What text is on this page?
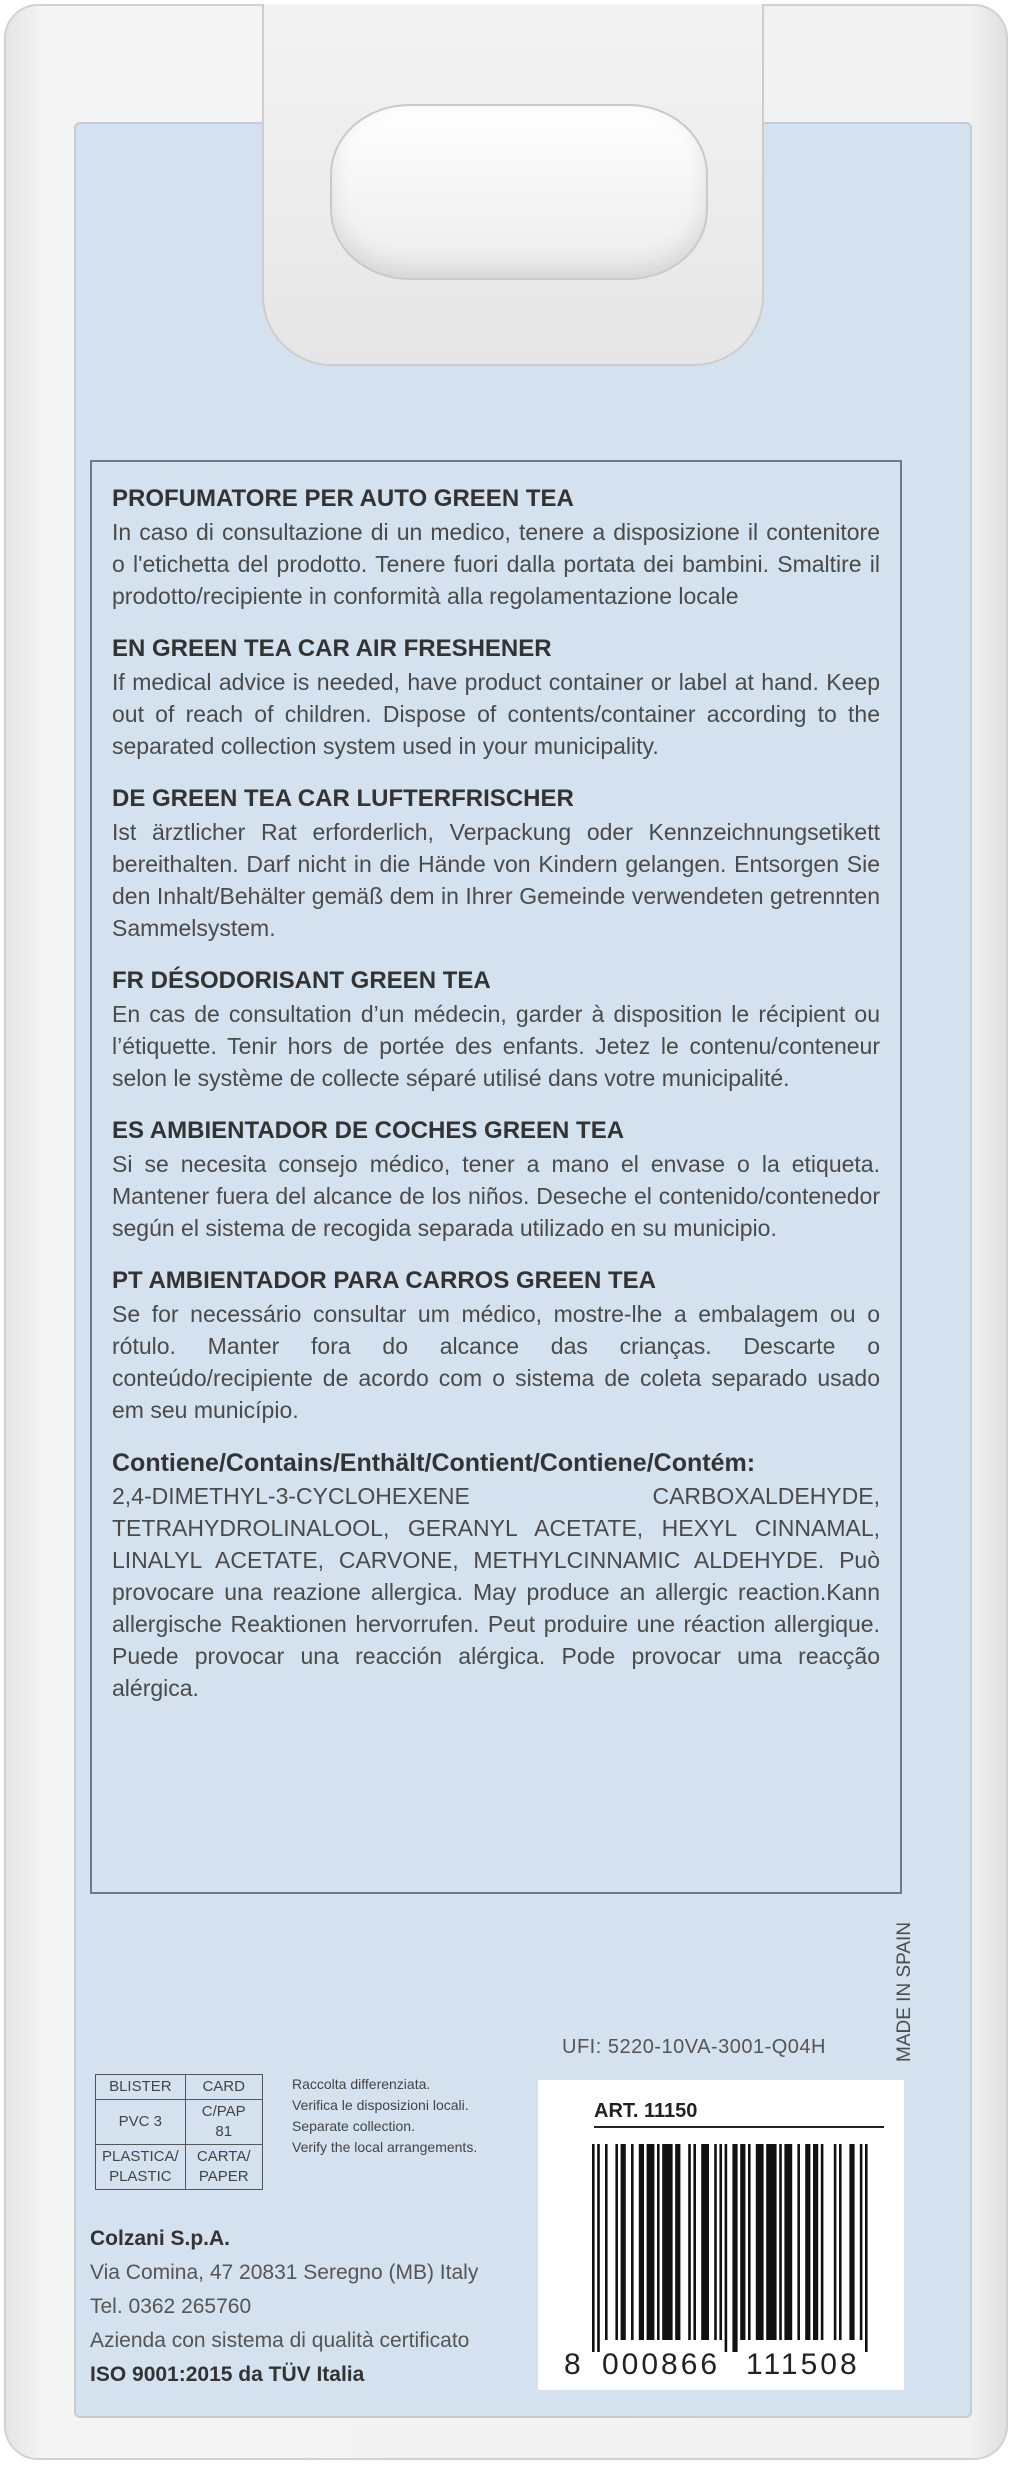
PROFUMATORE PER AUTO GREEN TEA
In caso di consultazione di un medico, tenere a disposizione il contenitore o l'etichetta del prodotto. Tenere fuori dalla portata dei bambini. Smaltire il prodotto/recipiente in conformità alla regolamentazione locale
EN GREEN TEA CAR AIR FRESHENER
If medical advice is needed, have product container or label at hand. Keep out of reach of children. Dispose of contents/container according to the separated collection system used in your municipality.
DE GREEN TEA CAR LUFTERFRISCHER
Ist ärztlicher Rat erforderlich, Verpackung oder Kennzeichnungsetikett bereithalten. Darf nicht in die Hände von Kindern gelangen. Entsorgen Sie den Inhalt/Behälter gemäß dem in Ihrer Gemeinde verwendeten getrennten Sammelsystem.
FR DÉSODORISANT GREEN TEA
En cas de consultation d’un médecin, garder à disposition le récipient ou l’étiquette. Tenir hors de portée des enfants. Jetez le contenu/conteneur selon le système de collecte séparé utilisé dans votre municipalité.
ES AMBIENTADOR DE COCHES GREEN TEA
Si se necesita consejo médico, tener a mano el envase o la etiqueta. Mantener fuera del alcance de los niños. Deseche el contenido/contenedor según el sistema de recogida separada utilizado en su municipio.
PT AMBIENTADOR PARA CARROS GREEN TEA
Se for necessário consultar um médico, mostre-lhe a embalagem ou o rótulo. Manter fora do alcance das crianças. Descarte o conteúdo/recipiente de acordo com o sistema de coleta separado usado em seu município.
Contiene/Contains/Enthält/Contient/Contiene/Contém:
2,4-DIMETHYL-3-CYCLOHEXENE CARBOXALDEHYDE, TETRAHYDROLINALOOL, GERANYL ACETATE, HEXYL CINNAMAL, LINALYL ACETATE, CARVONE, METHYLCINNAMIC ALDEHYDE. Può provocare una reazione allergica. May produce an allergic reaction.Kann allergische Reaktionen hervorrufen. Peut produire une réaction allergique. Puede provocar una reacción alérgica. Pode provocar uma reacção alérgica.
MADE IN SPAIN
UFI: 5220-10VA-3001-Q04H
BLISTER	CARD
PVC 3	C/PAP 81
PLASTICA/ PLASTIC	CARTA/ PAPER
Raccolta differenziata.
Verifica le disposizioni locali.
Separate collection.
Verify the local arrangements.
ART. 11150
8 000866 111508
Colzani S.p.A.
Via Comina, 47 20831 Seregno (MB) Italy
Tel. 0362 265760
Azienda con sistema di qualità certificato
ISO 9001:2015 da TÜV Italia
